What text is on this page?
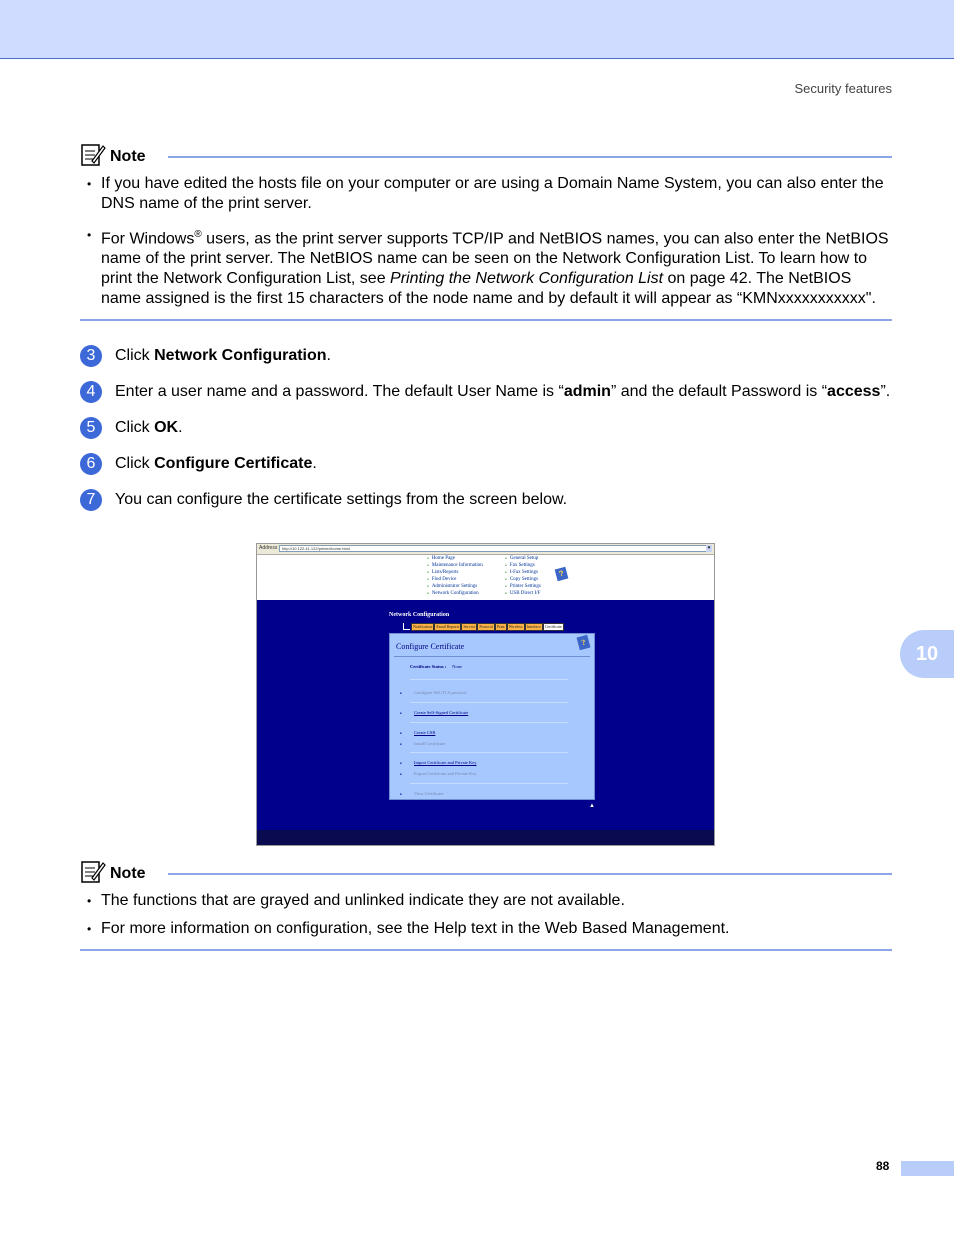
Security features
10
Note
• If you have edited the hosts file on your computer or are using a Domain Name System, you can also enter the DNS name of the print server.
• For Windows® users, as the print server supports TCP/IP and NetBIOS names, you can also enter the NetBIOS name of the print server. The NetBIOS name can be seen on the Network Configuration List. To learn how to print the Network Configuration List, see Printing the Network Configuration List on page 42. The NetBIOS name assigned is the first 15 characters of the node name and by default it will appear as “KMNxxxxxxxxxxx".
3	Click Network Configuration.
4	Enter a user name and a password. The default User Name is “admin” and the default Password is “access”.
5	Click OK.
6	Click Configure Certificate.
7	You can configure the certificate settings from the screen below.
Address	http://10.122.41.122/printer/home.html	▾
● Home Page
● Maintenance Information
● Lists/Reports
● Find Device
● Administrator Settings
● Network Configuration
● General Setup
● Fax Settings
● I-Fax Settings
● Copy Settings
● Printer Settings
● USB Direct I/F
?
Network Configuration
Notification	Email Reports	Service	Protocol	Print	Wireless	Interface	Certificate
Configure Certificate	?
Certificate Status : None
■ Configure SSL/TLS protocol
■ Create Self-Signed Certificate
■ Create CSR
■ Install Certificate
■ Import Certificate and Private Key
■ Export Certificate and Private Key
■ View Certificate
▲
Note
• The functions that are grayed and unlinked indicate they are not available.
• For more information on configuration, see the Help text in the Web Based Management.
88
